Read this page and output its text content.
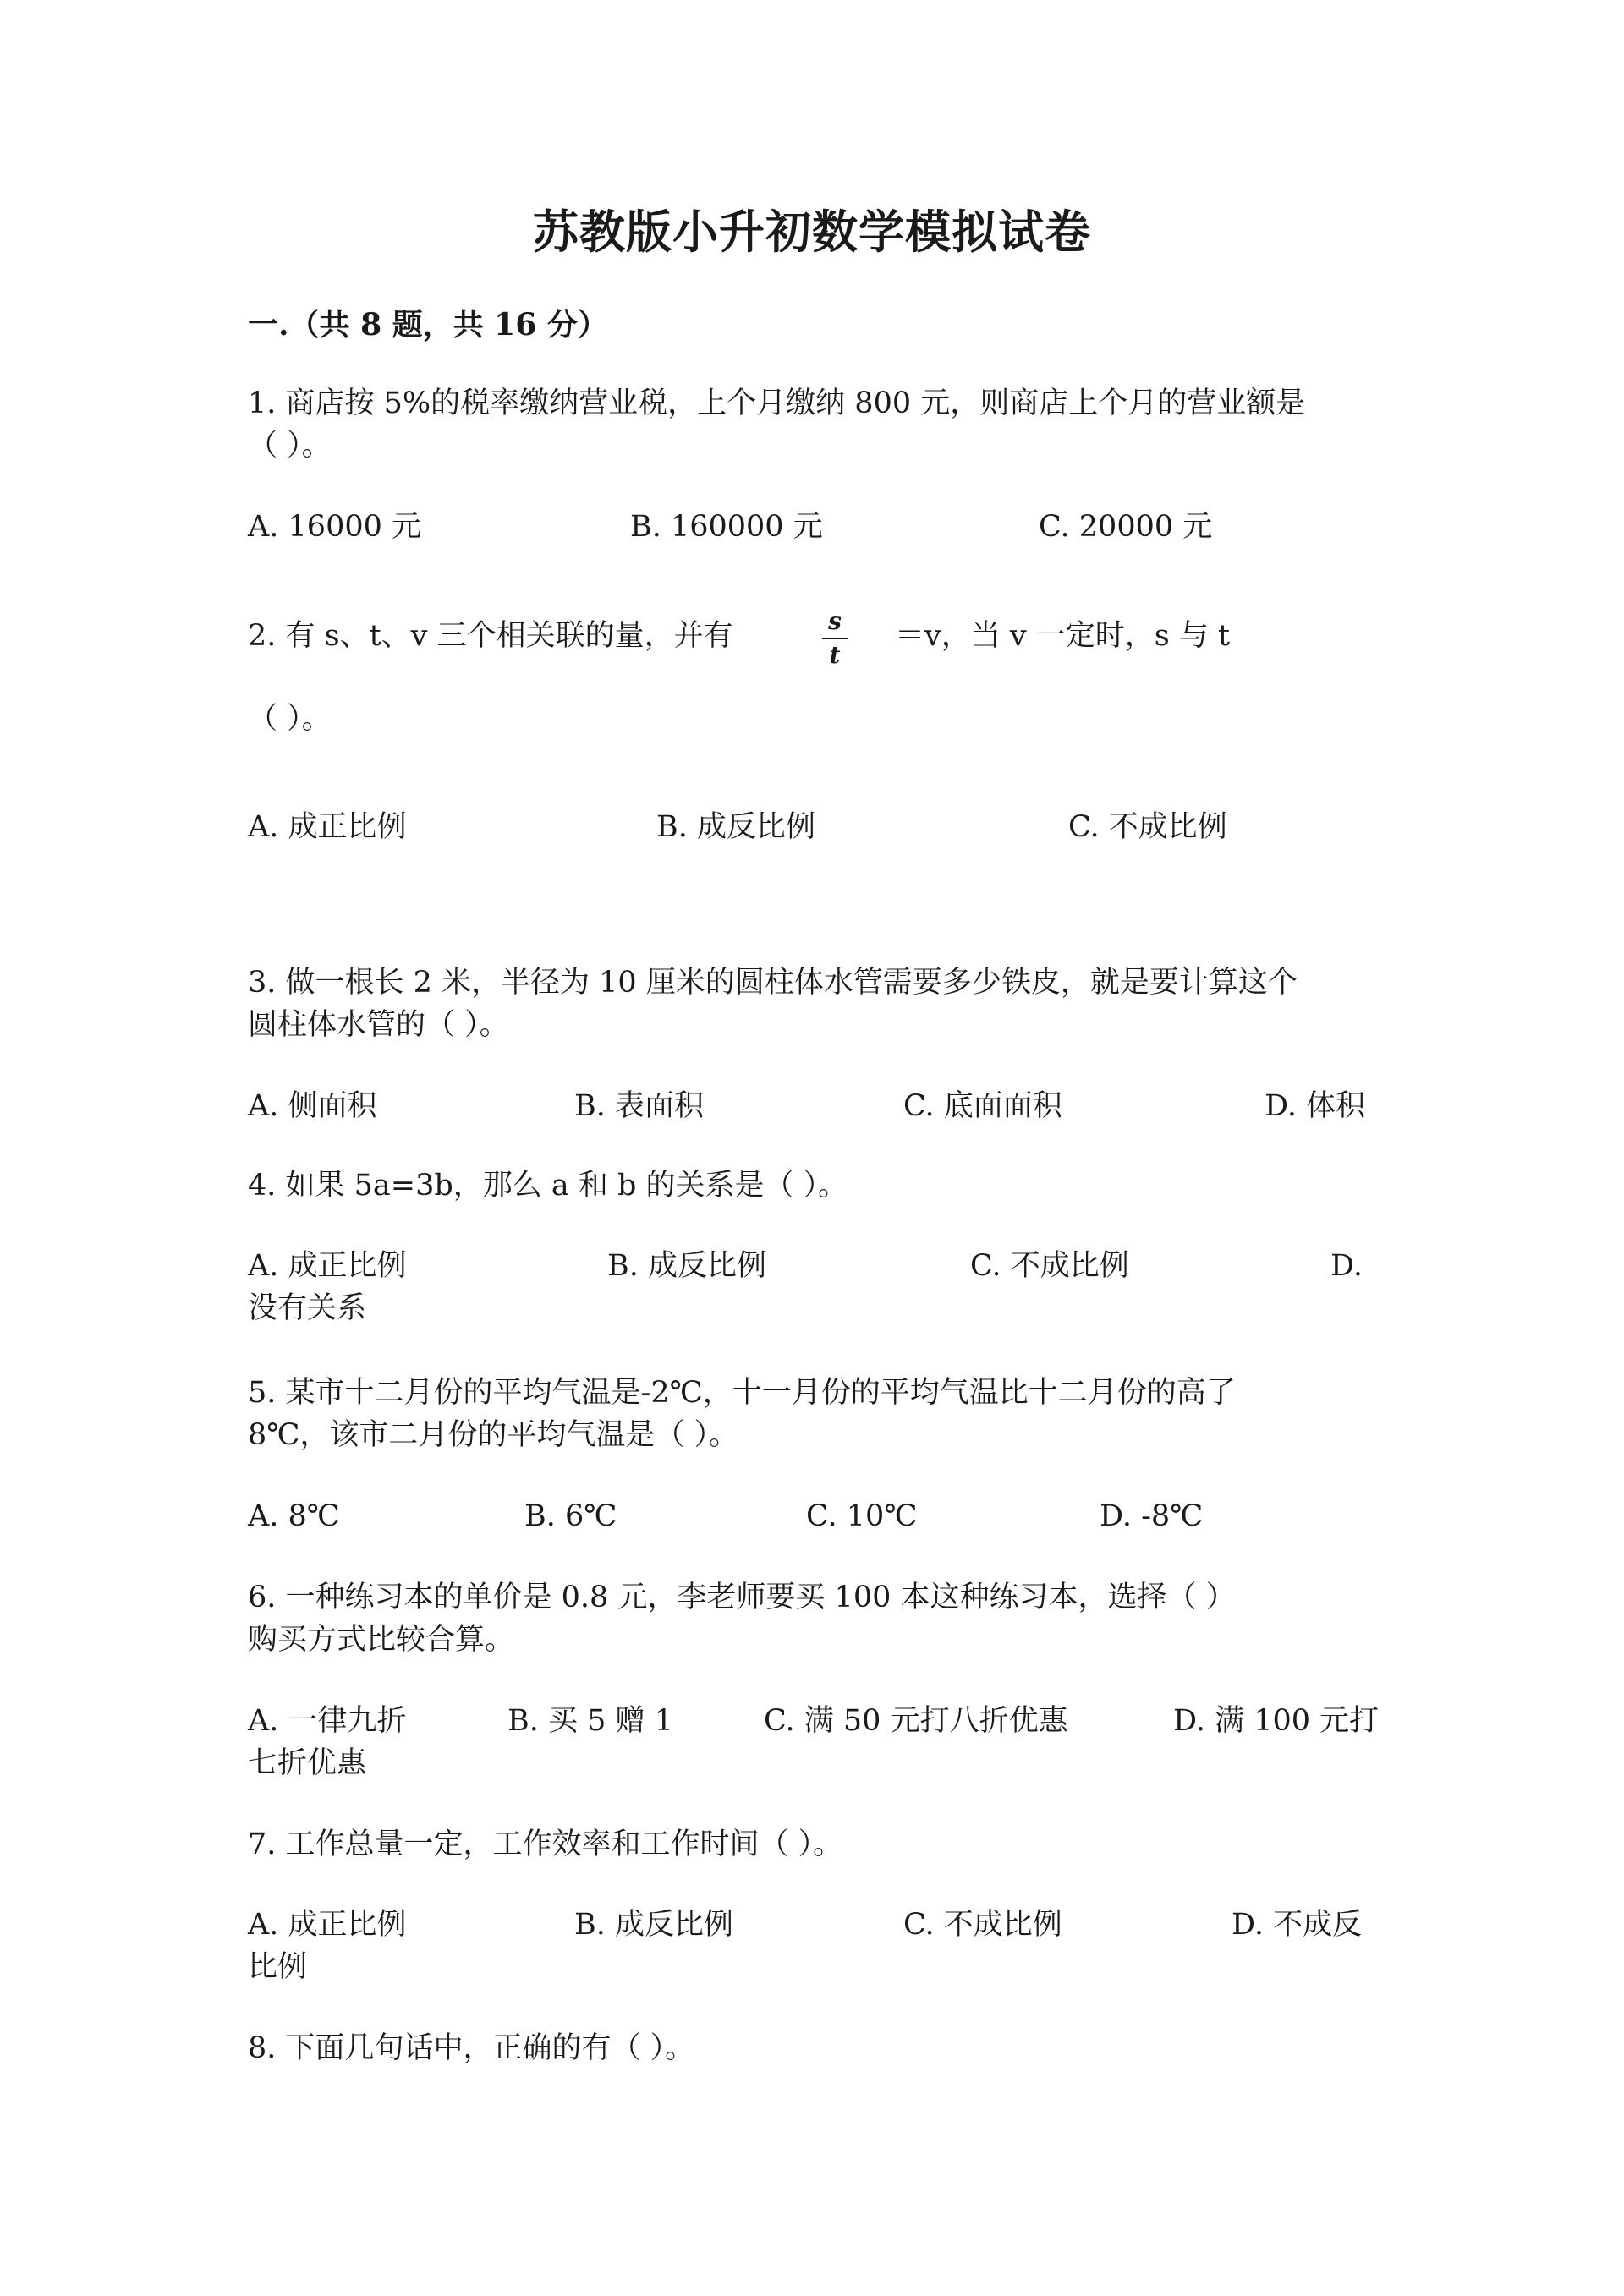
苏教版小升初数学模拟试卷
一.（共 8 题，共 16 分）
1. 商店按 5%的税率缴纳营业税，上个月缴纳 800 元，则商店上个月的营业额是
（ ）。
A. 16000 元	B. 160000 元	C. 20000 元
2. 有 s、t、v 三个相关联的量，并有	s
t
＝v，当 v 一定时，s 与 t
（ ）。
A. 成正比例	B. 成反比例	C. 不成比例
3. 做一根长 2 米，半径为 10 厘米的圆柱体水管需要多少铁皮，就是要计算这个
圆柱体水管的（ ）。
A. 侧面积	B. 表面积	C. 底面面积	D. 体积
4. 如果 5a=3b，那么 a 和 b 的关系是（ ）。
A. 成正比例	B. 成反比例	C. 不成比例	D.
没有关系
5. 某市十二月份的平均气温是-2℃，十一月份的平均气温比十二月份的高了
8℃，该市二月份的平均气温是（ ）。
A. 8℃	B. 6℃	C. 10℃	D. -8℃
6. 一种练习本的单价是 0.8 元，李老师要买 100 本这种练习本，选择（ ）
购买方式比较合算。
A. 一律九折	B. 买 5 赠 1	C. 满 50 元打八折优惠	D. 满 100 元打
七折优惠
7. 工作总量一定，工作效率和工作时间（ ）。
A. 成正比例	B. 成反比例	C. 不成比例	D. 不成反
比例
8. 下面几句话中，正确的有（ ）。
